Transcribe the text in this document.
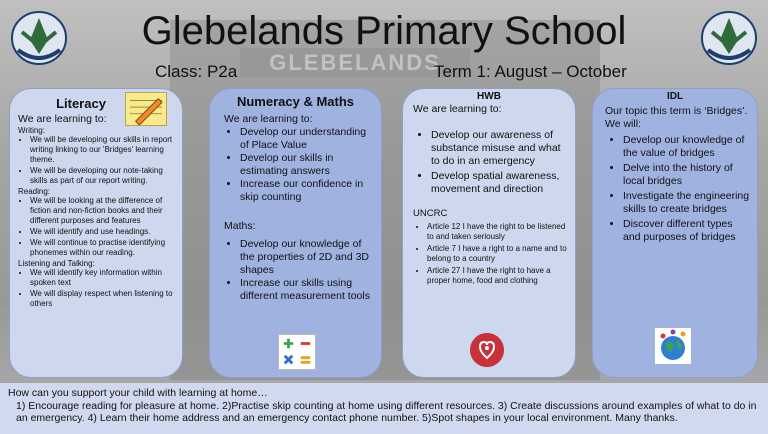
GLEBELANDS
Glebelands Primary School
Class: P2a	Term 1: August – October
Literacy
We are learning to:
Writing:
• We will be developing our skills in report writing linking to our 'Bridges' learning theme.
• We will be developing our note-taking skills as part of our report writing.
Reading:
• We will be looking at the difference of fiction and non-fiction books and their different purposes and features
• We will identify and use headings.
• We will continue to practise identifying phonemes within our reading.
Listening and Talking:
• We will identify key information within spoken text
• We will display respect when listening to others
Numeracy & Maths
We are learning to:
• Develop our understanding of Place Value
• Develop our skills in estimating answers
• Increase our confidence in skip counting
Maths:
• Develop our knowledge of the properties of 2D and 3D shapes
• Increase our skills using different measurement tools
HWB
We are learning to:
• Develop our awareness of substance misuse and what to do in an emergency
• Develop spatial awareness, movement and direction
UNCRC
• Article 12 I have the right to be listened to and taken seriously
• Article 7 I have a right to a name and to belong to a country
• Article 27 I have the right to have a proper home, food and clothing
IDL
Our topic this term is ‘Bridges’.
We will:
• Develop our knowledge of the value of bridges
• Delve into the history of local bridges
• Investigate the engineering skills to create bridges
• Discover different types and purposes of bridges
How can you support your child with learning at home…
1) Encourage reading for pleasure at home. 2)Practise skip counting at home using different resources. 3) Create discussions around examples of what to do in an emergency. 4) Learn their home address and an emergency contact phone number. 5)Spot shapes in your local environment. Many thanks.
